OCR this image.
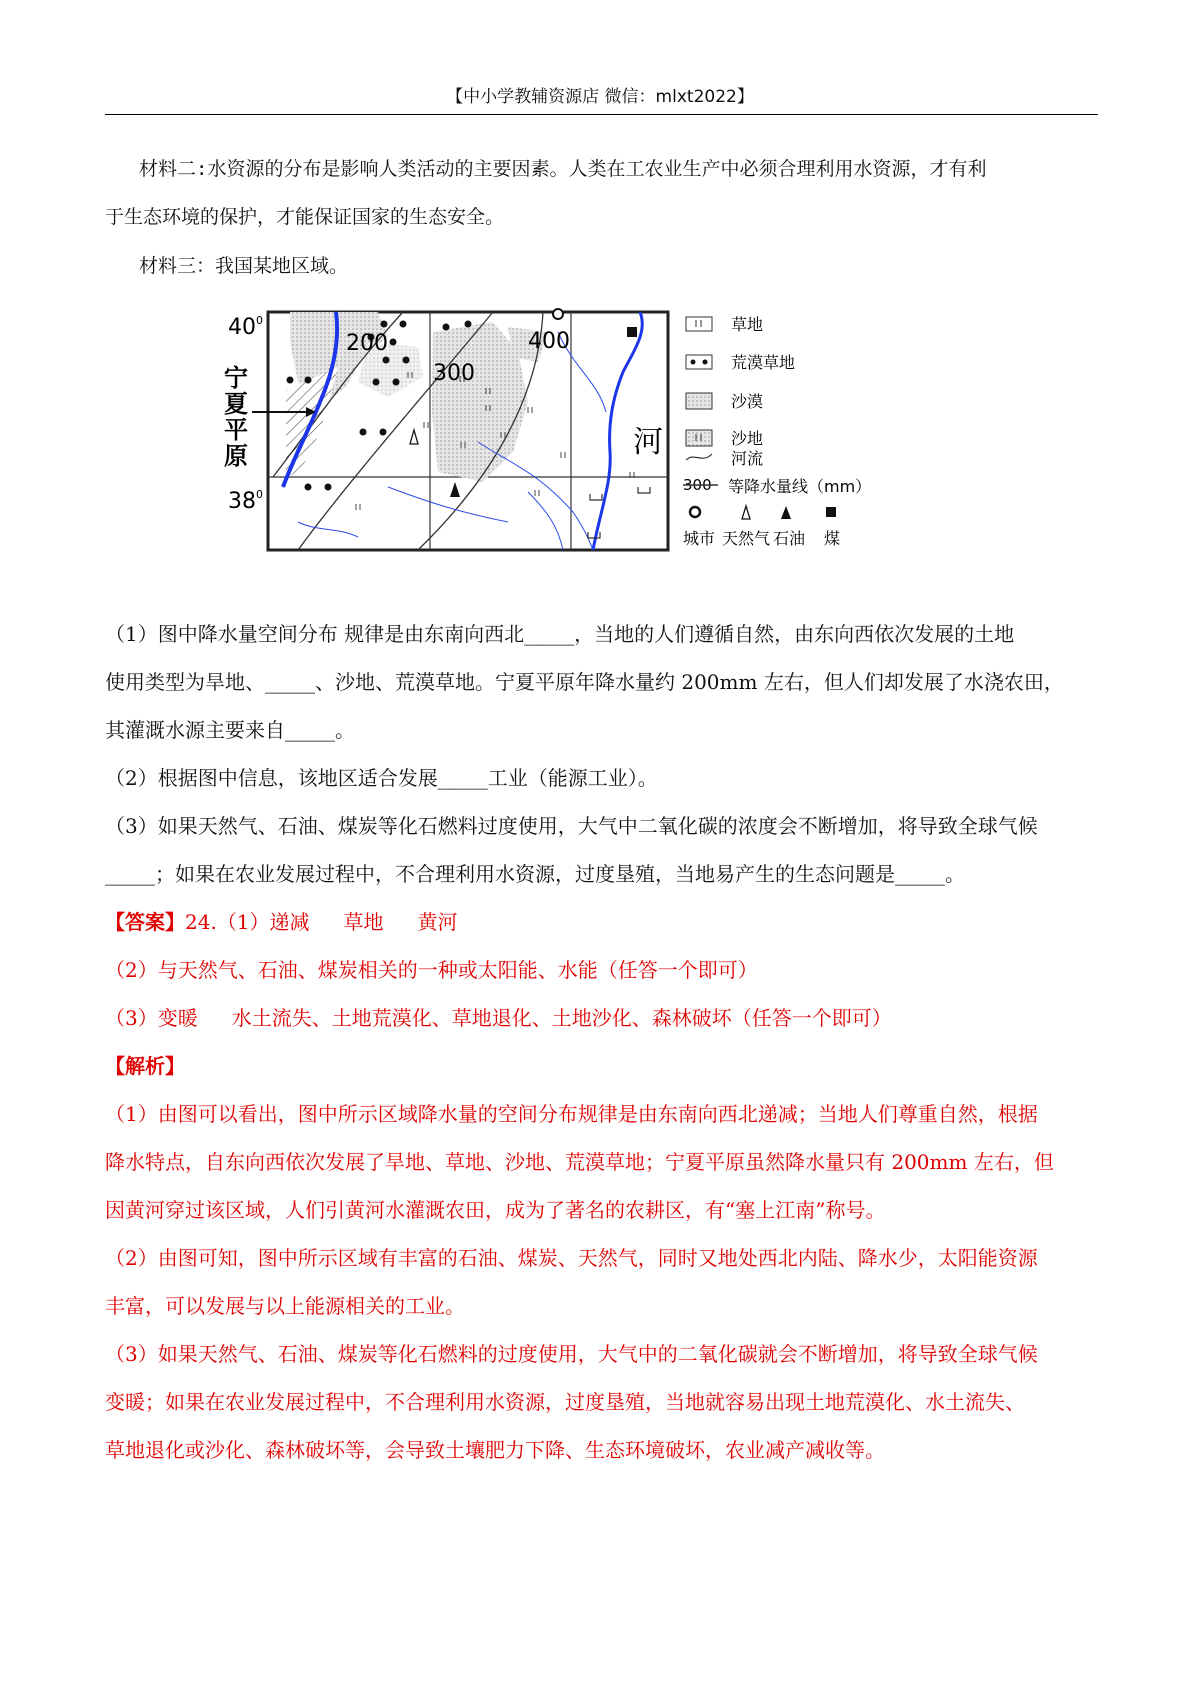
【中小学教辅资源店 微信：mlxt2022】
材料二:水资源的分布是影响人类活动的主要因素。人类在工农业生产中必须合理利用水资源，才有利
于生态环境的保护，才能保证国家的生态安全。
材料三：我国某地区域。
$40^0$
$38^0$
200
300
400
河
宁
夏
平
原
草地
荒漠草地
沙漠
沙地
河流
300 等降水量线（mm）
城市 天然气 石油 煤
（1）图中降水量空间分布 规律是由东南向西北_____，当地的人们遵循自然，由东向西依次发展的土地
使用类型为旱地、_____、沙地、荒漠草地。宁夏平原年降水量约 200mm 左右，但人们却发展了水浇农田，
其灌溉水源主要来自_____。
（2）根据图中信息，该地区适合发展_____工业（能源工业）。
（3）如果天然气、石油、煤炭等化石燃料过度使用，大气中二氧化碳的浓度会不断增加，将导致全球气候
_____；如果在农业发展过程中，不合理利用水资源，过度垦殖，当地易产生的生态问题是_____。
【答案】24.（1）递减 草地 黄河
（2）与天然气、石油、煤炭相关的一种或太阳能、水能（任答一个即可）
（3）变暖 水土流失、土地荒漠化、草地退化、土地沙化、森林破坏（任答一个即可）
【解析】
（1）由图可以看出，图中所示区域降水量的空间分布规律是由东南向西北递减；当地人们尊重自然，根据
降水特点，自东向西依次发展了旱地、草地、沙地、荒漠草地；宁夏平原虽然降水量只有 200mm 左右，但
因黄河穿过该区域，人们引黄河水灌溉农田，成为了著名的农耕区，有“塞上江南”称号。
（2）由图可知，图中所示区域有丰富的石油、煤炭、天然气，同时又地处西北内陆、降水少，太阳能资源
丰富，可以发展与以上能源相关的工业。
（3）如果天然气、石油、煤炭等化石燃料的过度使用，大气中的二氧化碳就会不断增加，将导致全球气候
变暖；如果在农业发展过程中，不合理利用水资源，过度垦殖，当地就容易出现土地荒漠化、水土流失、
草地退化或沙化、森林破坏等，会导致土壤肥力下降、生态环境破坏，农业减产减收等。
